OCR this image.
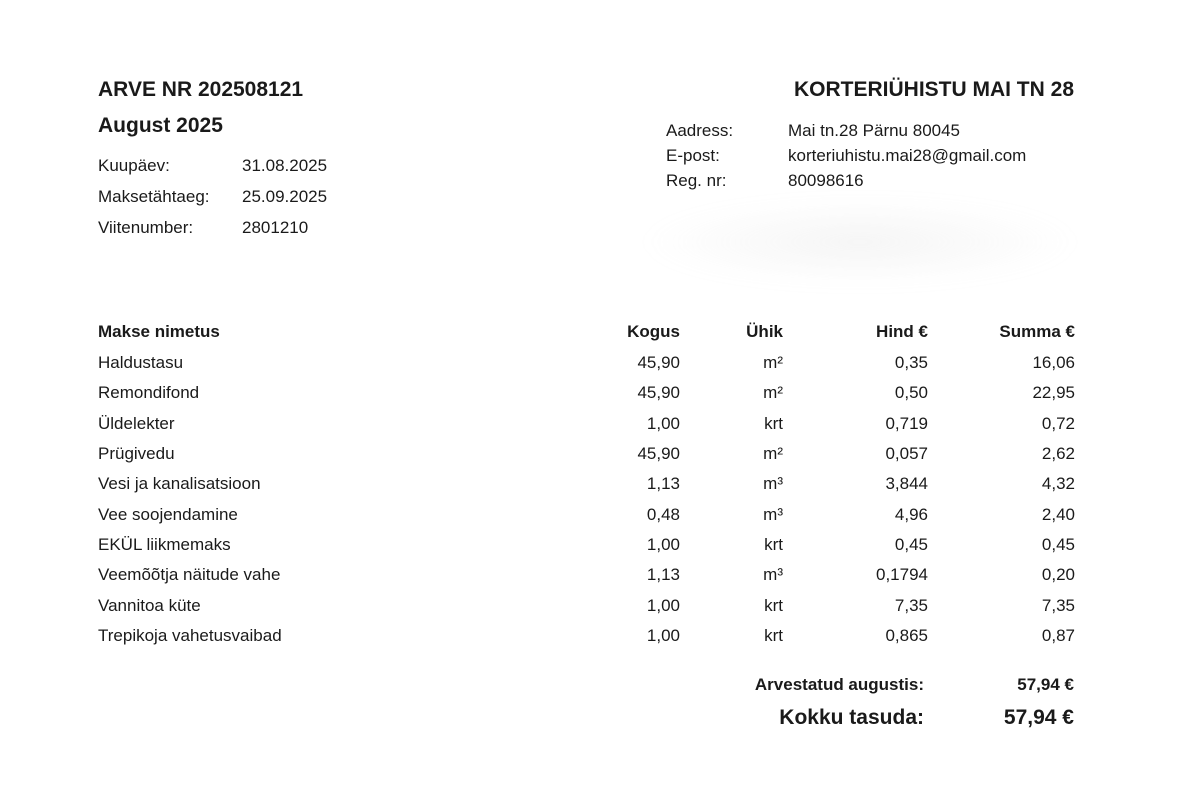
ARVE NR 202508121
August 2025
Kuupäev:	31.08.2025
Maksetähtaeg:	25.09.2025
Viitenumber:	2801210
KORTERIÜHISTU MAI TN 28
Aadress:	Mai tn.28 Pärnu 80045
E-post:	korteriuhistu.mai28@gmail.com
Reg. nr:	80098616
Makse nimetus	Kogus	Ühik	Hind €	Summa €
Haldustasu	45,90	m²	0,35	16,06
Remondifond	45,90	m²	0,50	22,95
Üldelekter	1,00	krt	0,719	0,72
Prügivedu	45,90	m²	0,057	2,62
Vesi ja kanalisatsioon	1,13	m³	3,844	4,32
Vee soojendamine	0,48	m³	4,96	2,40
EKÜL liikmemaks	1,00	krt	0,45	0,45
Veemõõtja näitude vahe	1,13	m³	0,1794	0,20
Vannitoa küte	1,00	krt	7,35	7,35
Trepikoja vahetusvaibad	1,00	krt	0,865	0,87
Arvestatud augustis:	57,94 €
Kokku tasuda:	57,94 €
